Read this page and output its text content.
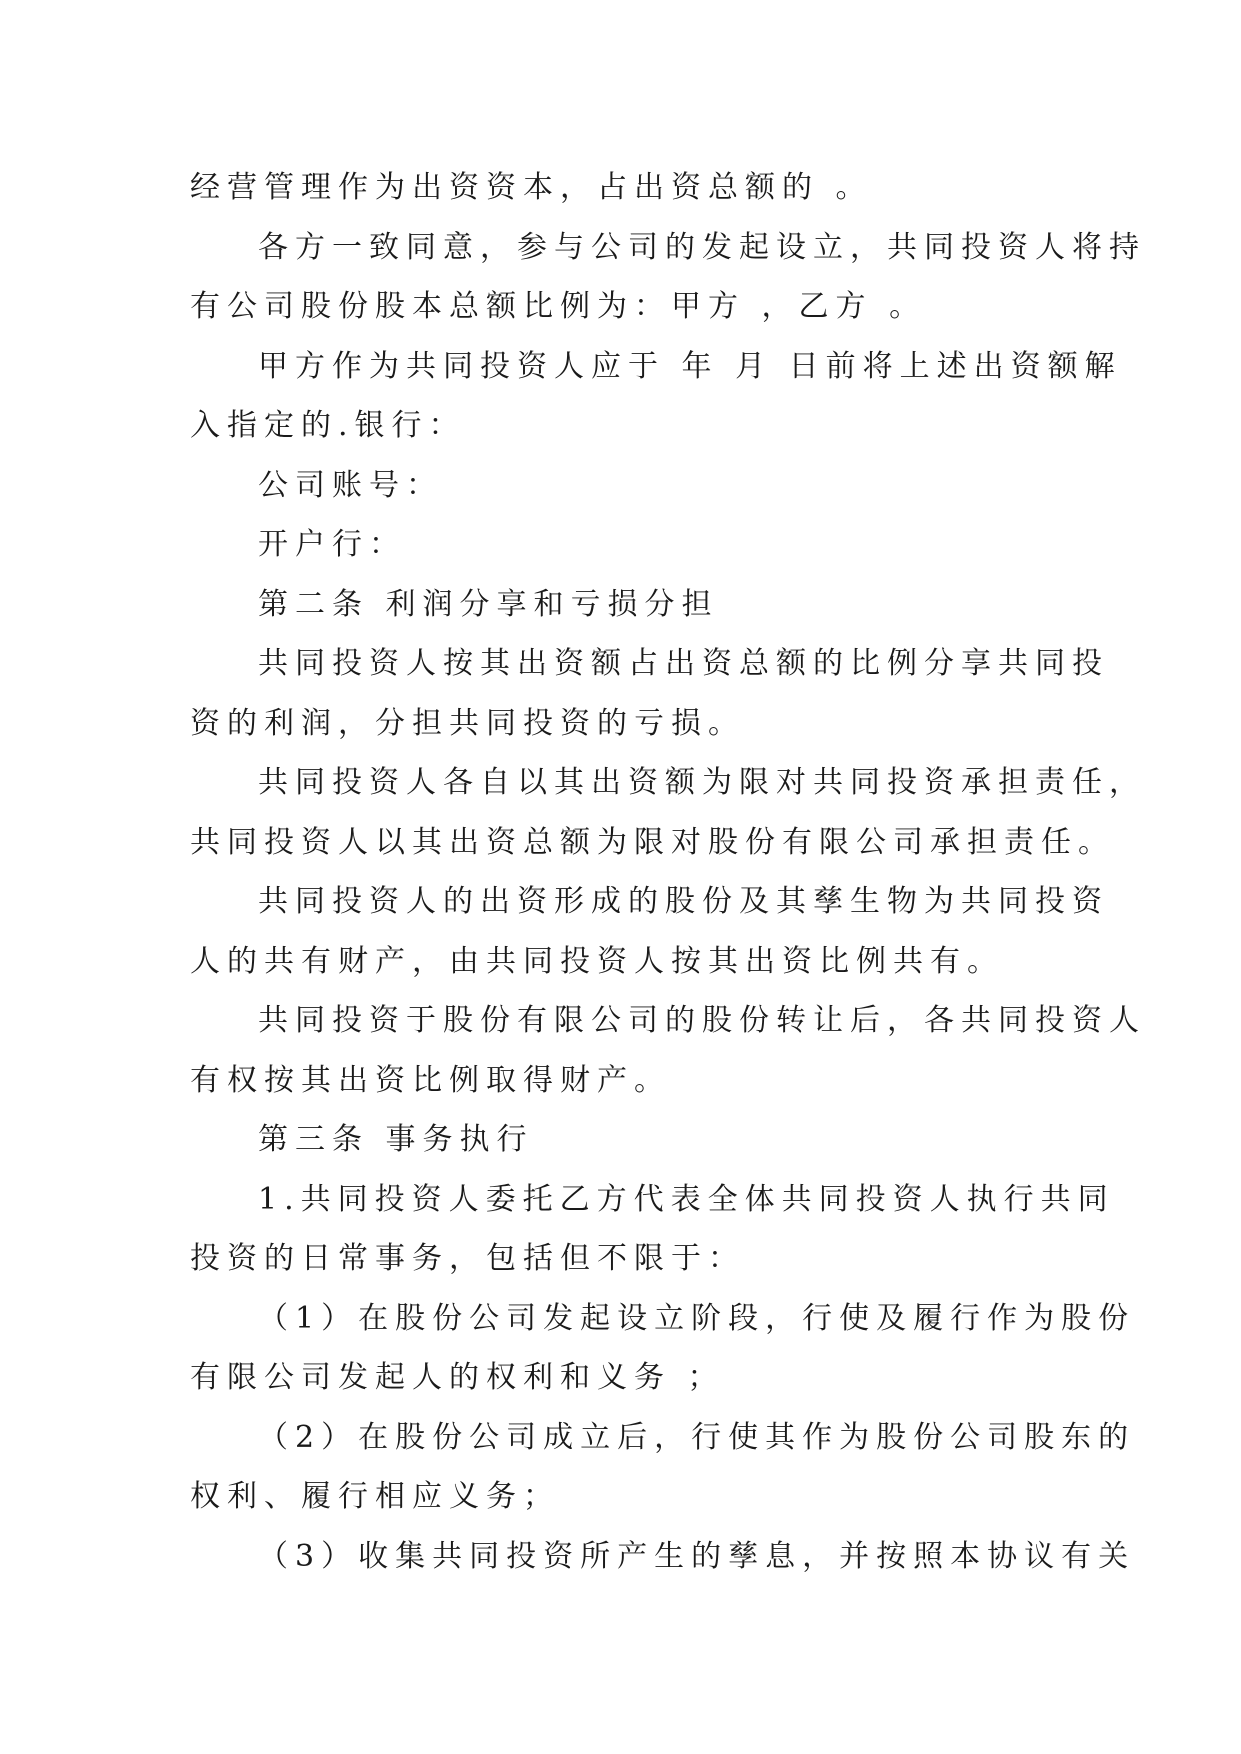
经营管理作为出资资本，占出资总额的 。

各方一致同意，参与公司的发起设立，共同投资人将持

有公司股份股本总额比例为：甲方 ，乙方 。

甲方作为共同投资人应于 年 月 日前将上述出资额解

入指定的.银行：

公司账号：

开户行：

第二条 利润分享和亏损分担

共同投资人按其出资额占出资总额的比例分享共同投

资的利润，分担共同投资的亏损。

共同投资人各自以其出资额为限对共同投资承担责任，

共同投资人以其出资总额为限对股份有限公司承担责任。

共同投资人的出资形成的股份及其孳生物为共同投资

人的共有财产，由共同投资人按其出资比例共有。

共同投资于股份有限公司的股份转让后，各共同投资人

有权按其出资比例取得财产。

第三条 事务执行

1.共同投资人委托乙方代表全体共同投资人执行共同

投资的日常事务，包括但不限于：

（1）在股份公司发起设立阶段，行使及履行作为股份

有限公司发起人的权利和义务 ；

（2）在股份公司成立后，行使其作为股份公司股东的

权利、履行相应义务；

（3）收集共同投资所产生的孳息，并按照本协议有关
